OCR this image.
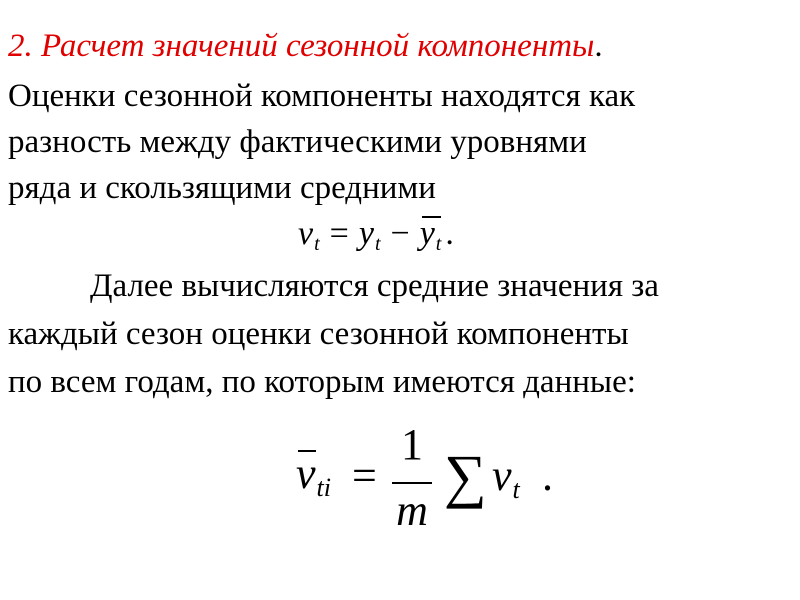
2. Расчет значений сезонной компоненты.
Оценки сезонной компоненты находятся как
разность между фактическими уровнями
ряда и скользящими средними
$v_t = y_t - y_t$ .
Далее вычисляются средние значения за
каждый сезон оценки сезонной компоненты
по всем годам, по которым имеются данные:
$v_{ti}$ =
1
m
∑ $v_t$ .
